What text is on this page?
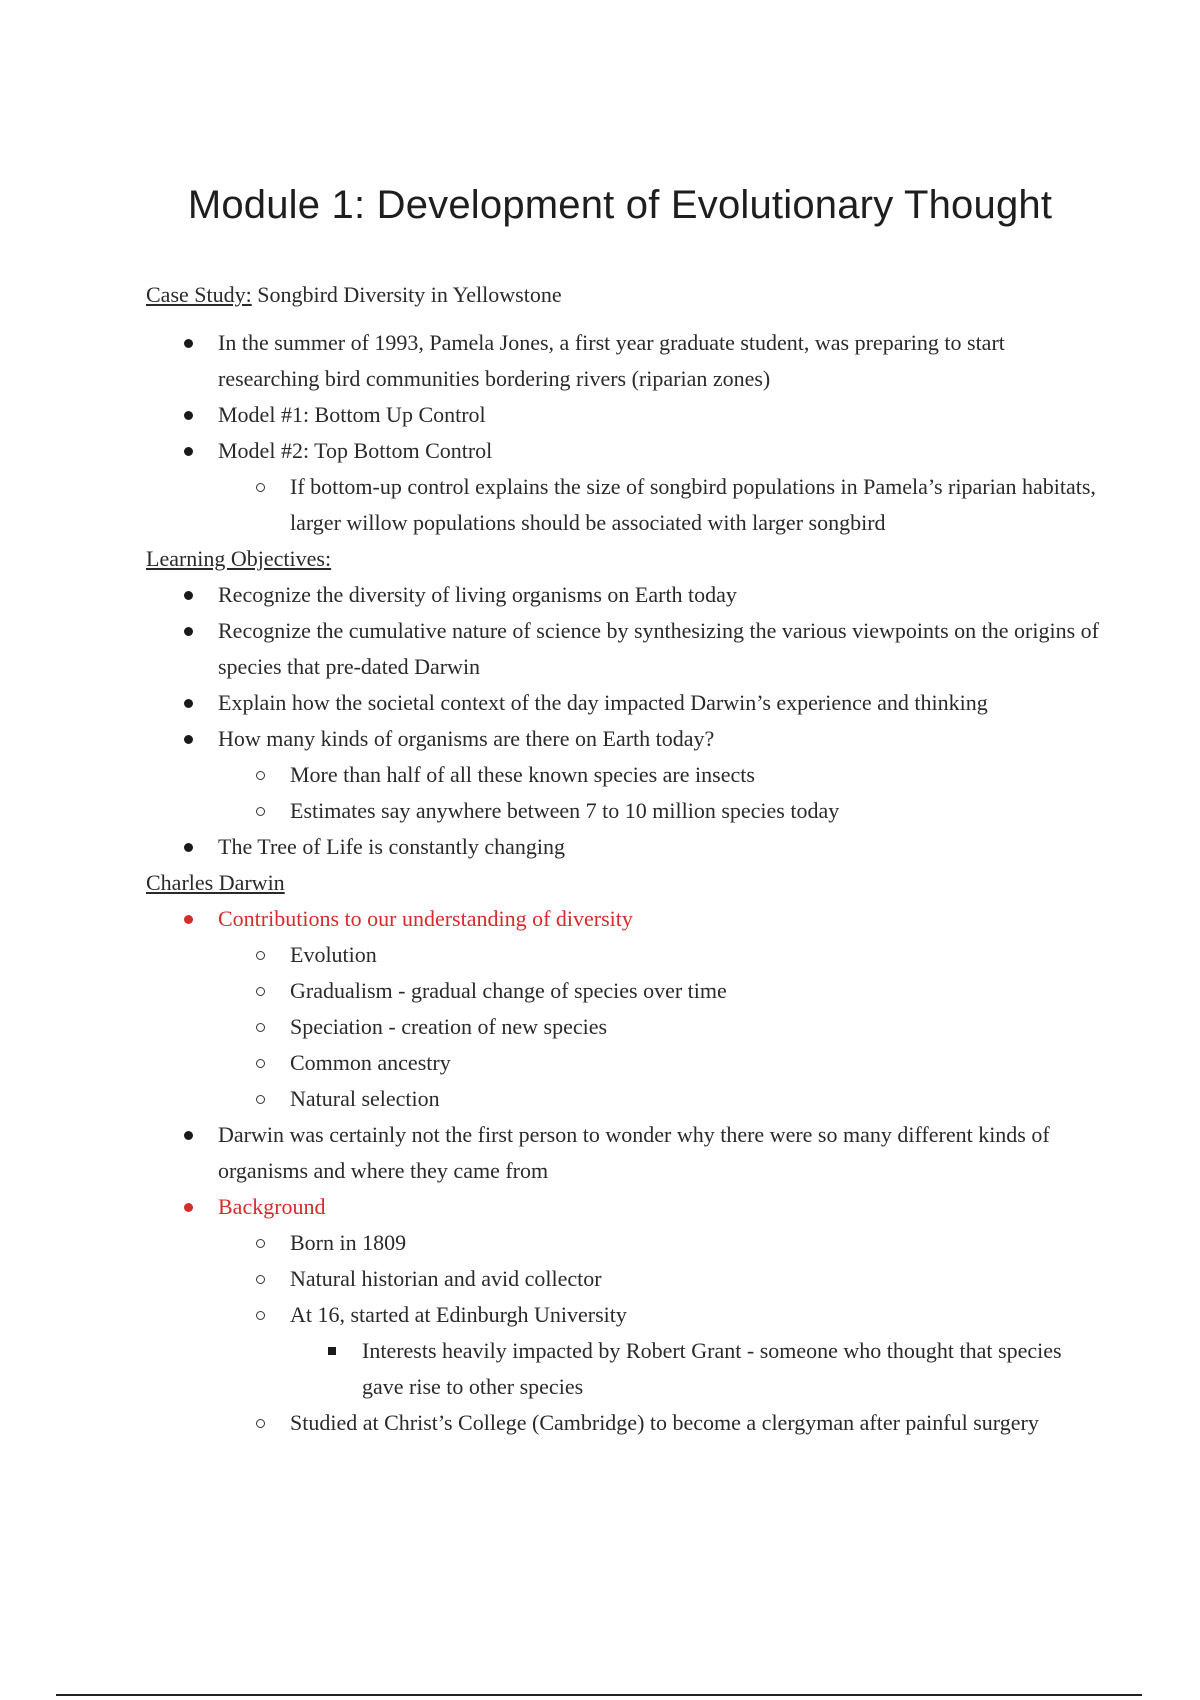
Module 1: Development of Evolutionary Thought

Case Study: Songbird Diversity in Yellowstone

In the summer of 1993, Pamela Jones, a first year graduate student, was preparing to start researching bird communities bordering rivers (riparian zones)
Model #1: Bottom Up Control
Model #2: Top Bottom Control
If bottom-up control explains the size of songbird populations in Pamela’s riparian habitats, larger willow populations should be associated with larger songbird

Learning Objectives:

Recognize the diversity of living organisms on Earth today
Recognize the cumulative nature of science by synthesizing the various viewpoints on the origins of species that pre-dated Darwin
Explain how the societal context of the day impacted Darwin’s experience and thinking
How many kinds of organisms are there on Earth today?
More than half of all these known species are insects
Estimates say anywhere between 7 to 10 million species today
The Tree of Life is constantly changing

Charles Darwin

Contributions to our understanding of diversity
Evolution
Gradualism - gradual change of species over time
Speciation - creation of new species
Common ancestry
Natural selection
Darwin was certainly not the first person to wonder why there were so many different kinds of organisms and where they came from
Background
Born in 1809
Natural historian and avid collector
At 16, started at Edinburgh University
Interests heavily impacted by Robert Grant - someone who thought that species gave rise to other species
Studied at Christ’s College (Cambridge) to become a clergyman after painful surgery
